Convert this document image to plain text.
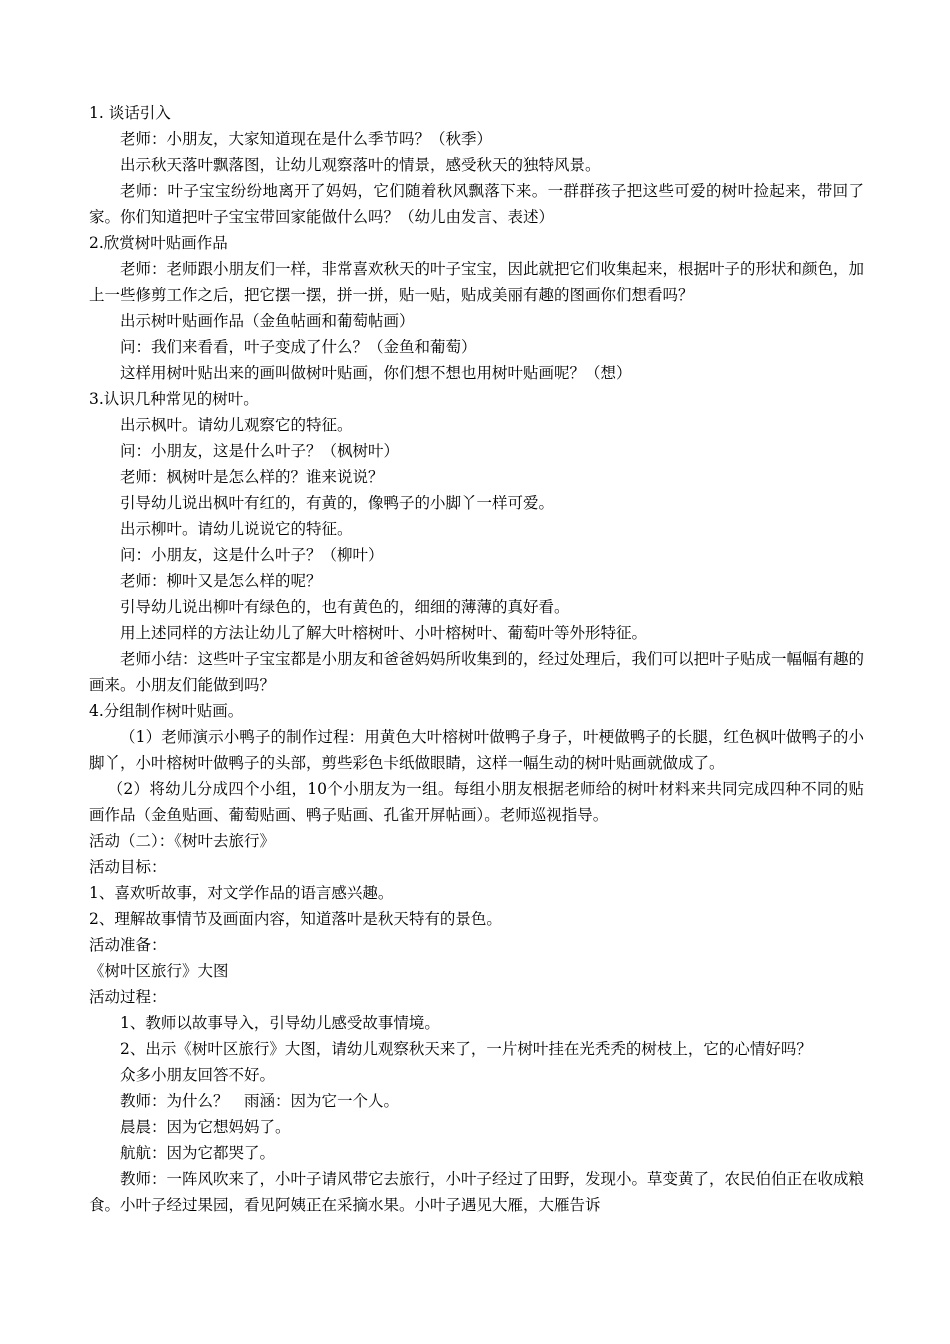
1. 谈话引入

老师：小朋友，大家知道现在是什么季节吗？（秋季）

出示秋天落叶飘落图，让幼儿观察落叶的情景，感受秋天的独特风景。

老师：叶子宝宝纷纷地离开了妈妈，它们随着秋风飘落下来。一群群孩子把这些可爱的树叶捡起来，带回了家。你们知道把叶子宝宝带回家能做什么吗？（幼儿由发言、表述）

2.欣赏树叶贴画作品

老师：老师跟小朋友们一样，非常喜欢秋天的叶子宝宝，因此就把它们收集起来，根据叶子的形状和颜色，加上一些修剪工作之后，把它摆一摆，拼一拼，贴一贴，贴成美丽有趣的图画你们想看吗？

出示树叶贴画作品（金鱼帖画和葡萄帖画）

问：我们来看看，叶子变成了什么？（金鱼和葡萄）

这样用树叶贴出来的画叫做树叶贴画，你们想不想也用树叶贴画呢？（想）

3.认识几种常见的树叶。

出示枫叶。请幼儿观察它的特征。

问：小朋友，这是什么叶子？（枫树叶）

老师：枫树叶是怎么样的？谁来说说？

引导幼儿说出枫叶有红的，有黄的，像鸭子的小脚丫一样可爱。

出示柳叶。请幼儿说说它的特征。

问：小朋友，这是什么叶子？（柳叶）

老师：柳叶又是怎么样的呢？

引导幼儿说出柳叶有绿色的，也有黄色的，细细的薄薄的真好看。

用上述同样的方法让幼儿了解大叶榕树叶、小叶榕树叶、葡萄叶等外形特征。

老师小结：这些叶子宝宝都是小朋友和爸爸妈妈所收集到的，经过处理后，我们可以把叶子贴成一幅幅有趣的画来。小朋友们能做到吗？

4.分组制作树叶贴画。

（1）老师演示小鸭子的制作过程：用黄色大叶榕树叶做鸭子身子，叶梗做鸭子的长腿，红色枫叶做鸭子的小脚丫，小叶榕树叶做鸭子的头部，剪些彩色卡纸做眼睛，这样一幅生动的树叶贴画就做成了。

（2）将幼儿分成四个小组，10个小朋友为一组。每组小朋友根据老师给的树叶材料来共同完成四种不同的贴画作品（金鱼贴画、葡萄贴画、鸭子贴画、孔雀开屏帖画）。老师巡视指导。

活动（二）：《树叶去旅行》

活动目标：

1、喜欢听故事，对文学作品的语言感兴趣。

2、理解故事情节及画面内容，知道落叶是秋天特有的景色。

活动准备：

《树叶区旅行》大图

活动过程：

1、教师以故事导入，引导幼儿感受故事情境。

2、出示《树叶区旅行》大图，请幼儿观察秋天来了，一片树叶挂在光秃秃的树枝上，它的心情好吗？

众多小朋友回答不好。

教师：为什么？　雨涵：因为它一个人。

晨晨：因为它想妈妈了。

航航：因为它都哭了。

教师：一阵风吹来了，小叶子请风带它去旅行，小叶子经过了田野，发现小。草变黄了，农民伯伯正在收成粮食。小叶子经过果园，看见阿姨正在采摘水果。小叶子遇见大雁，大雁告诉
